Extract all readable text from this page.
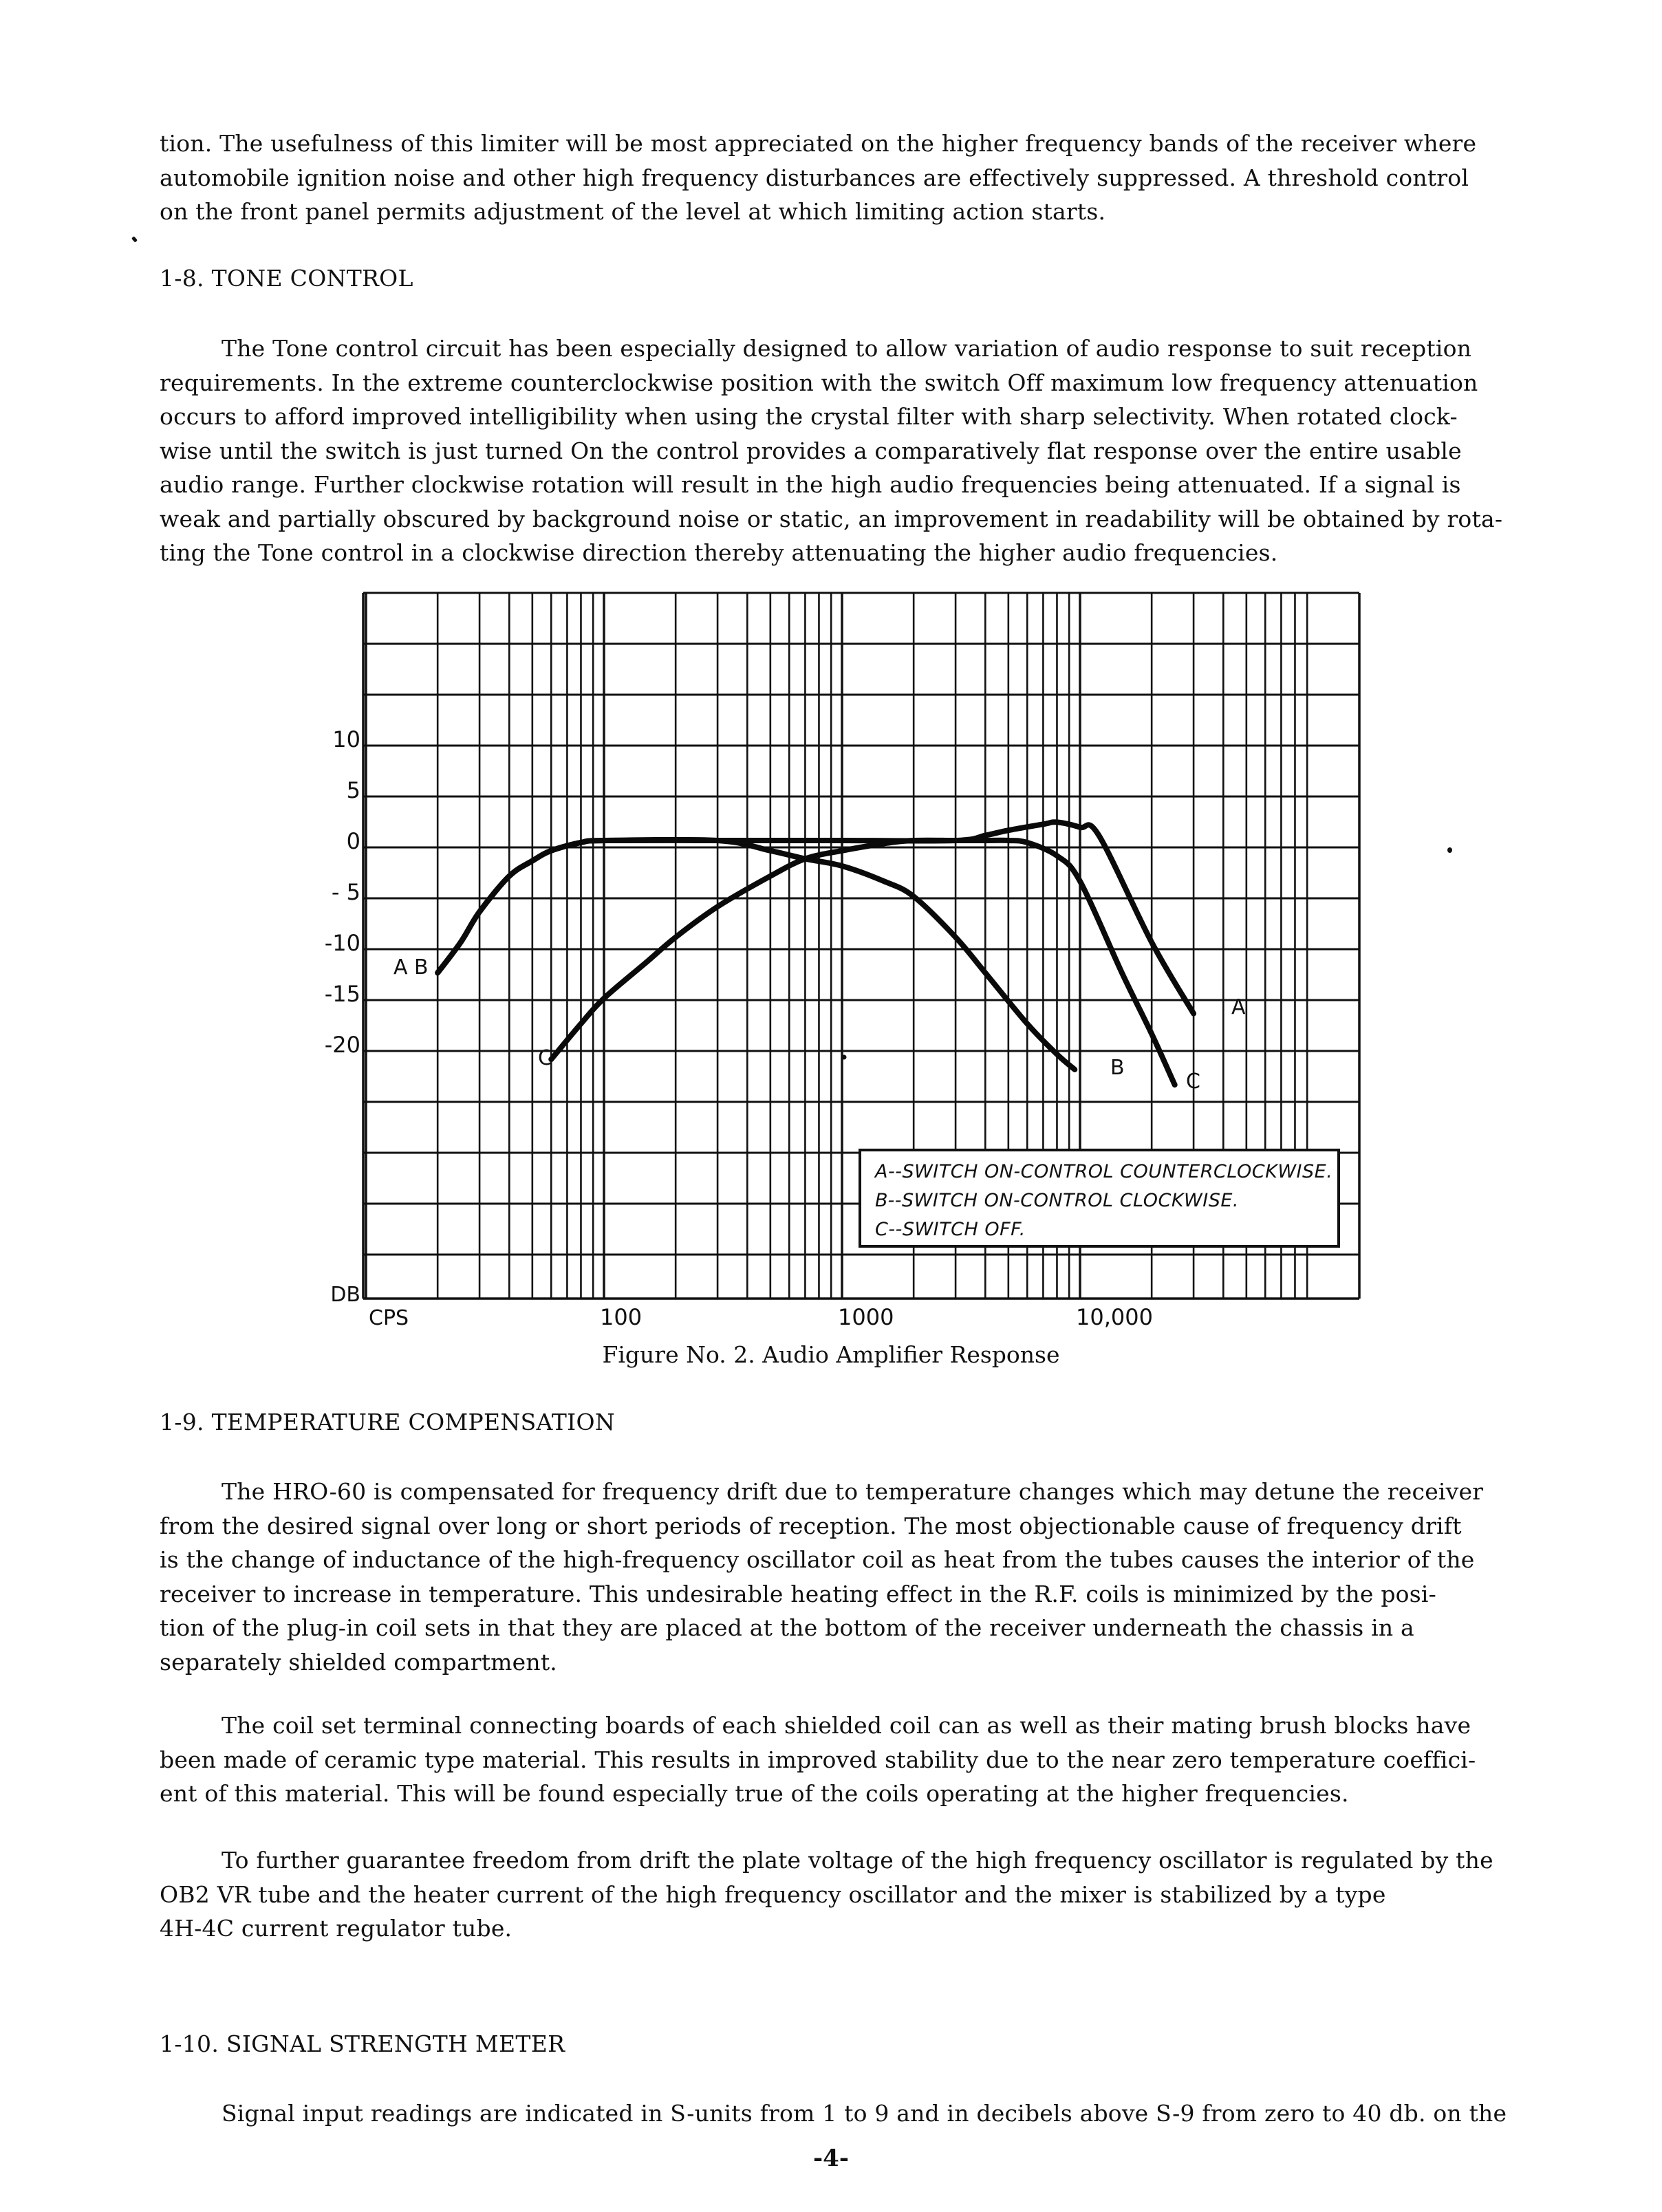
tion. The usefulness of this limiter will be most appreciated on the higher frequency bands of the receiver where
automobile ignition noise and other high frequency disturbances are effectively suppressed. A threshold control
on the front panel permits adjustment of the level at which limiting action starts.

1-8. TONE CONTROL

The Tone control circuit has been especially designed to allow variation of audio response to suit reception
requirements. In the extreme counterclockwise position with the switch Off maximum low frequency attenuation
occurs to afford improved intelligibility when using the crystal filter with sharp selectivity. When rotated clock-
wise until the switch is just turned On the control provides a comparatively flat response over the entire usable
audio range. Further clockwise rotation will result in the high audio frequencies being attenuated. If a signal is
weak and partially obscured by background noise or static, an improvement in readability will be obtained by rota-
ting the Tone control in a clockwise direction thereby attenuating the higher audio frequencies.

10
5
0
- 5
-10
-15
-20
DB
CPS	100	1000	10,000
A--SWITCH ON-CONTROL COUNTERCLOCKWISE.
B--SWITCH ON-CONTROL CLOCKWISE.
C--SWITCH OFF.
A B
C
A
B
C
Figure No. 2. Audio Amplifier Response
1-9. TEMPERATURE COMPENSATION

The HRO-60 is compensated for frequency drift due to temperature changes which may detune the receiver
from the desired signal over long or short periods of reception. The most objectionable cause of frequency drift
is the change of inductance of the high-frequency oscillator coil as heat from the tubes causes the interior of the
receiver to increase in temperature. This undesirable heating effect in the R.F. coils is minimized by the posi-
tion of the plug-in coil sets in that they are placed at the bottom of the receiver underneath the chassis in a
separately shielded compartment.

The coil set terminal connecting boards of each shielded coil can as well as their mating brush blocks have
been made of ceramic type material. This results in improved stability due to the near zero temperature coeffici-
ent of this material. This will be found especially true of the coils operating at the higher frequencies.

To further guarantee freedom from drift the plate voltage of the high frequency oscillator is regulated by the
OB2 VR tube and the heater current of the high frequency oscillator and the mixer is stabilized by a type
4H-4C current regulator tube.

1-10. SIGNAL STRENGTH METER

Signal input readings are indicated in S-units from 1 to 9 and in decibels above S-9 from zero to 40 db. on the

-4-
